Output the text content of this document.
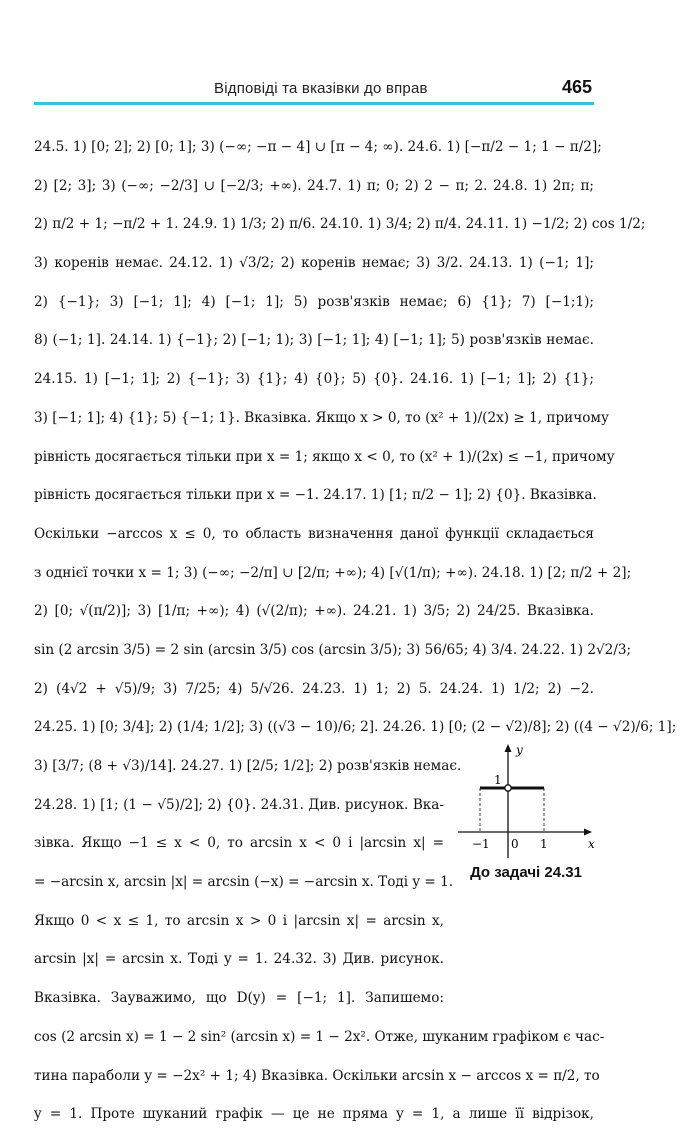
Відповіді та вказівки до вправ	465
24.5. 1) [0; 2]; 2) [0; 1]; 3) (−∞; −π − 4] ∪ [π − 4; ∞). 24.6. 1) [−π/2 − 1; 1 − π/2];
2) [2; 3]; 3) (−∞; −2/3] ∪ [−2/3; +∞). 24.7. 1) π; 0; 2) 2 − π; 2. 24.8. 1) 2π; π;
2) π/2 + 1; −π/2 + 1. 24.9. 1) 1/3; 2) π/6. 24.10. 1) 3/4; 2) π/4. 24.11. 1) −1/2; 2) cos 1/2;
3) коренів немає. 24.12. 1) √3/2; 2) коренів немає; 3) 3/2. 24.13. 1) (−1; 1];
2) {−1}; 3) [−1; 1]; 4) [−1; 1]; 5) розв'язків немає; 6) {1}; 7) [−1;1);
8) (−1; 1]. 24.14. 1) {−1}; 2) [−1; 1); 3) [−1; 1]; 4) [−1; 1]; 5) розв'язків немає.
24.15. 1) [−1; 1]; 2) {−1}; 3) {1}; 4) {0}; 5) {0}. 24.16. 1) [−1; 1]; 2) {1};
3) [−1; 1]; 4) {1}; 5) {−1; 1}. Вказівка. Якщо x > 0, то (x² + 1)/(2x) ≥ 1, причому
рівність досягається тільки при x = 1; якщо x < 0, то (x² + 1)/(2x) ≤ −1, причому
рівність досягається тільки при x = −1. 24.17. 1) [1; π/2 − 1]; 2) {0}. Вказівка.
Оскільки −arccos x ≤ 0, то область визначення даної функції складається
з однієї точки x = 1; 3) (−∞; −2/π] ∪ [2/π; +∞); 4) [√(1/π); +∞). 24.18. 1) [2; π/2 + 2];
2) [0; √(π/2)]; 3) [1/π; +∞); 4) (√(2/π); +∞). 24.21. 1) 3/5; 2) 24/25. Вказівка.
sin (2 arcsin 3/5) = 2 sin (arcsin 3/5) cos (arcsin 3/5); 3) 56/65; 4) 3/4. 24.22. 1) 2√2/3;
2) (4√2 + √5)/9; 3) 7/25; 4) 5/√26. 24.23. 1) 1; 2) 5. 24.24. 1) 1/2; 2) −2.
24.25. 1) [0; 3/4]; 2) (1/4; 1/2]; 3) ((√3 − 10)/6; 2]. 24.26. 1) [0; (2 − √2)/8]; 2) ((4 − √2)/6; 1];
3) [3/7; (8 + √3)/14]. 24.27. 1) [2/5; 1/2]; 2) розв'язків немає.
24.28. 1) [1; (1 − √5)/2]; 2) {0}. 24.31. Див. рисунок. Вка-
зівка. Якщо −1 ≤ x < 0, то arcsin x < 0 і |arcsin x| =
= −arcsin x, arcsin |x| = arcsin (−x) = −arcsin x. Тоді y = 1.
Якщо 0 < x ≤ 1, то arcsin x > 0 і |arcsin x| = arcsin x,
arcsin |x| = arcsin x. Тоді y = 1. 24.32. 3) Див. рисунок.
Вказівка. Зауважимо, що D(y) = [−1; 1]. Запишемо:
cos (2 arcsin x) = 1 − 2 sin² (arcsin x) = 1 − 2x². Отже, шуканим графіком є час-
тина параболи y = −2x² + 1; 4) Вказівка. Оскільки arcsin x − arccos x = π/2, то
y = 1. Проте шуканий графік — це не пряма y = 1, а лише її відрізок,
y
x
1
−1 0 1
До задачі 24.31
